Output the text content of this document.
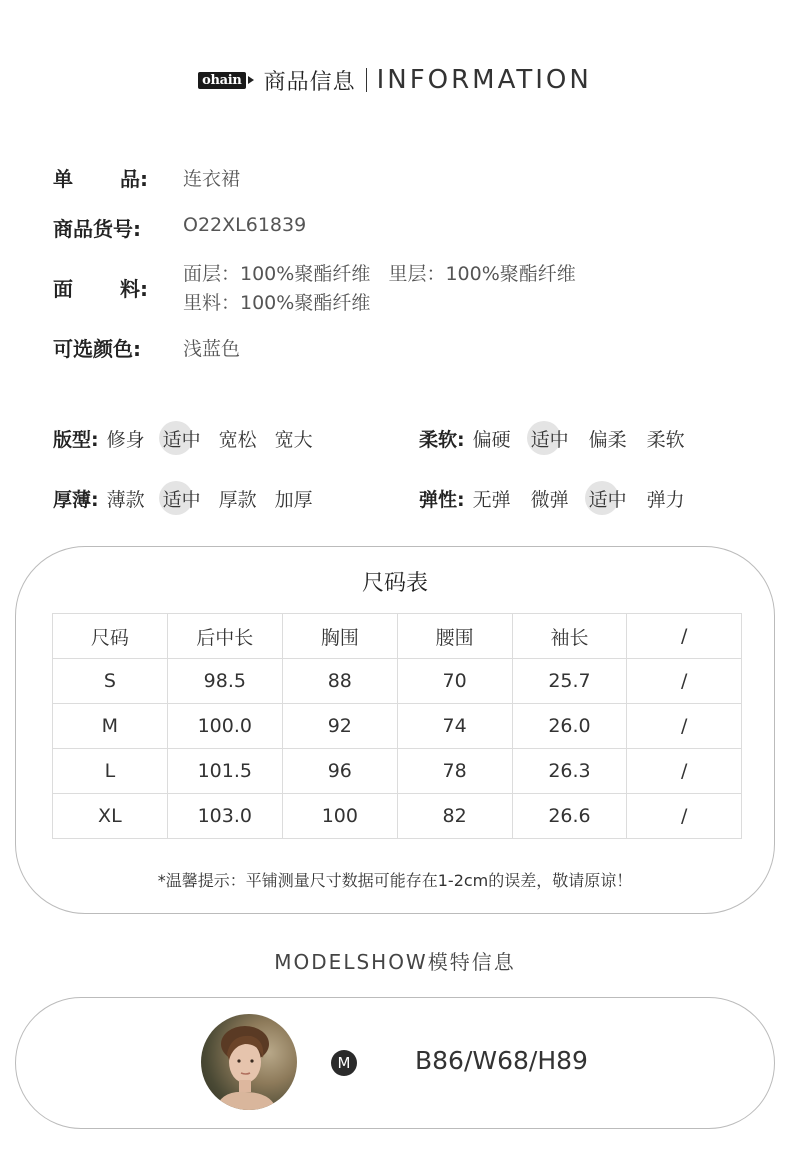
ohain 商品信息 INFORMATION
单 品: 连衣裙
商品货号:	O22XL61839
面 料:
面层：100%聚酯纤维   里层：100%聚酯纤维
里料：100%聚酯纤维
可选颜色:	浅蓝色
版型: 修身 适中 宽松 宽大	柔软: 偏硬 适中 偏柔 柔软
厚薄: 薄款 适中 厚款 加厚	弹性: 无弹 微弹 适中 弹力
尺码表
尺码	后中长	胸围	腰围	袖长	/
S	98.5	88	70	25.7	/
M	100.0	92	74	26.0	/
L	101.5	96	78	26.3	/
XL	103.0	100	82	26.6	/
*温馨提示：平铺测量尺寸数据可能存在1-2cm的误差，敬请原谅！
MODELSHOW模特信息
M	B86/W68/H89
